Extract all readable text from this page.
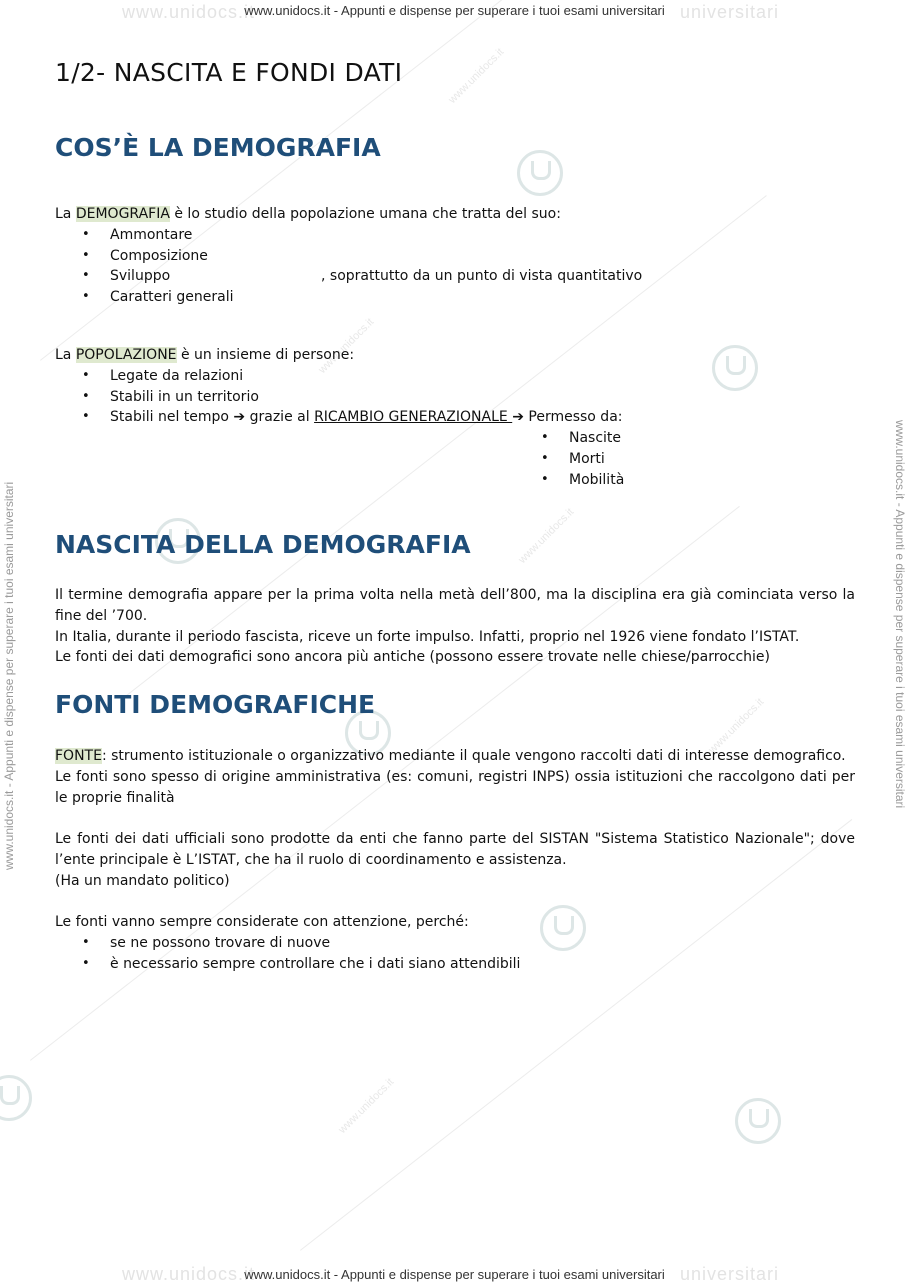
www.unidocs.it
www.unidocs.it
www.unidocs.it
www.unidocs.it
www.unidocs.it
www.unidocs.it	universitari
www.unidocs.it	universitari
www.unidocs.it - Appunti e dispense per superare i tuoi esami universitari
www.unidocs.it - Appunti e dispense per superare i tuoi esami universitari
www.unidocs.it - Appunti e dispense per superare i tuoi esami universitari	www.unidocs.it - Appunti e dispense per superare i tuoi esami universitari
1/2- NASCITA E FONDI DATI
COS’È LA DEMOGRAFIA

La DEMOGRAFIA è lo studio della popolazione umana che tratta del suo:

• Ammontare
• Composizione
• Sviluppo	, soprattutto da un punto di vista quantitativo
• Caratteri generali

La POPOLAZIONE è un insieme di persone:

• Legate da relazioni
• Stabili in un territorio
• Stabili nel tempo ➔ grazie al RICAMBIO GENERAZIONALE ➔ Permesso da:
• Nascite
• Morti
• Mobilità
NASCITA DELLA DEMOGRAFIA

Il termine demografia appare per la prima volta nella metà dell’800, ma la disciplina era già cominciata verso la fine del ’700.

In Italia, durante il periodo fascista, riceve un forte impulso. Infatti, proprio nel 1926 viene fondato l’ISTAT.

Le fonti dei dati demografici sono ancora più antiche (possono essere trovate nelle chiese/parrocchie)

FONTI DEMOGRAFICHE

FONTE: strumento istituzionale o organizzativo mediante il quale vengono raccolti dati di interesse demografico.

Le fonti sono spesso di origine amministrativa (es: comuni, registri INPS) ossia istituzioni che raccolgono dati per le proprie finalità

Le fonti dei dati ufficiali sono prodotte da enti che fanno parte del SISTAN "Sistema Statistico Nazionale"; dove l’ente principale è L’ISTAT, che ha il ruolo di coordinamento e assistenza.

(Ha un mandato politico)

Le fonti vanno sempre considerate con attenzione, perché:

• se ne possono trovare di nuove
• è necessario sempre controllare che i dati siano attendibili
